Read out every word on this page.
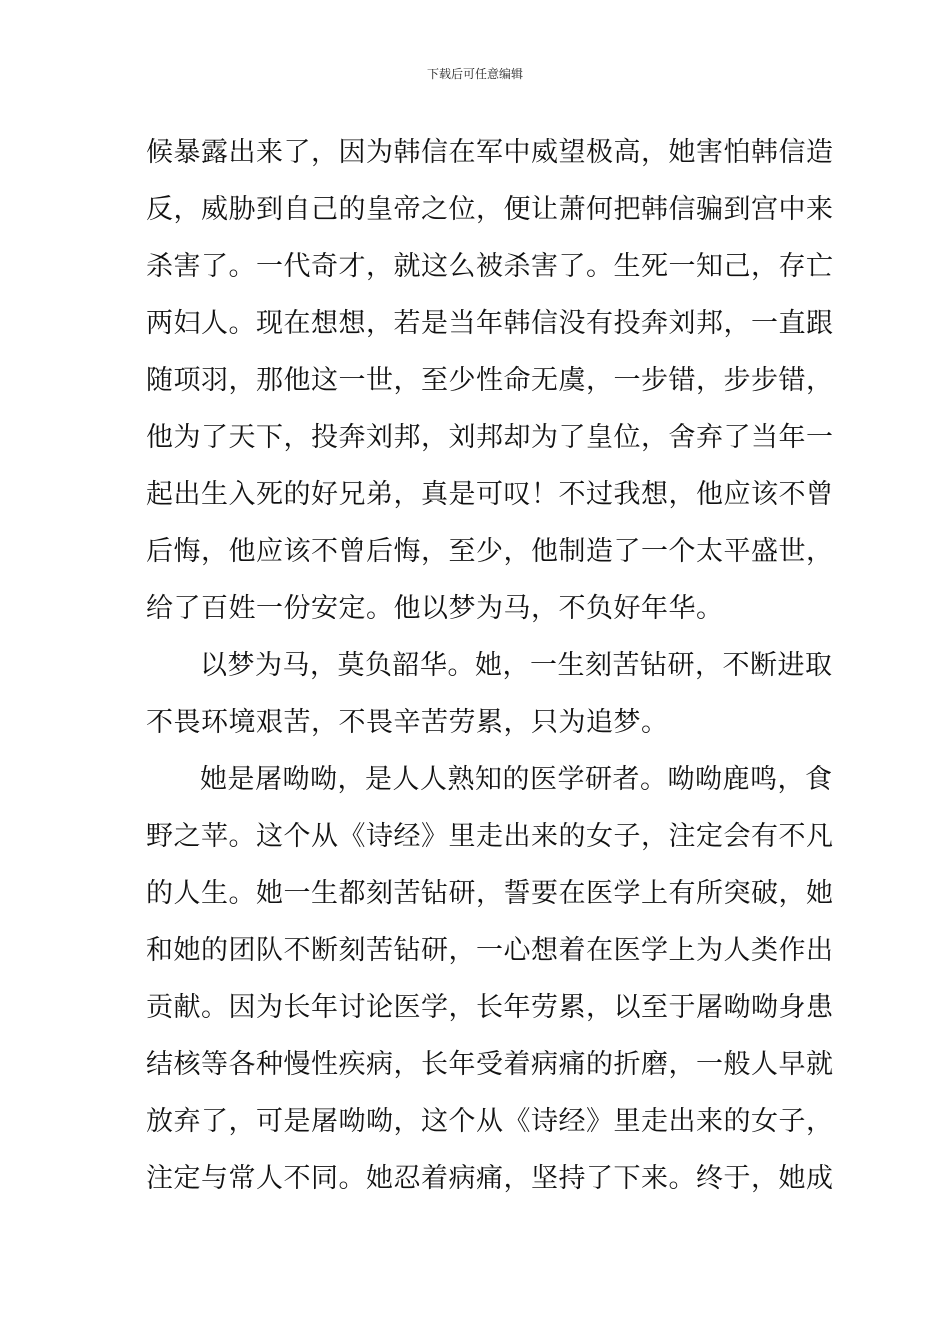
下载后可任意编辑
候暴露出来了，因为韩信在军中威望极高，她害怕韩信造
反，威胁到自己的皇帝之位，便让萧何把韩信骗到宫中来
杀害了。一代奇才，就这么被杀害了。生死一知己，存亡
两妇人。现在想想，若是当年韩信没有投奔刘邦，一直跟
随项羽，那他这一世，至少性命无虞，一步错，步步错，
他为了天下，投奔刘邦，刘邦却为了皇位，舍弃了当年一
起出生入死的好兄弟，真是可叹！不过我想，他应该不曾
后悔，他应该不曾后悔，至少，他制造了一个太平盛世，
给了百姓一份安定。他以梦为马，不负好年华。
以梦为马，莫负韶华。她，一生刻苦钻研，不断进取
不畏环境艰苦，不畏辛苦劳累，只为追梦。
她是屠呦呦，是人人熟知的医学研者。呦呦鹿鸣，食
野之苹。这个从《诗经》里走出来的女子，注定会有不凡
的人生。她一生都刻苦钻研，誓要在医学上有所突破，她
和她的团队不断刻苦钻研，一心想着在医学上为人类作出
贡献。因为长年讨论医学，长年劳累，以至于屠呦呦身患
结核等各种慢性疾病，长年受着病痛的折磨，一般人早就
放弃了，可是屠呦呦，这个从《诗经》里走出来的女子，
注定与常人不同。她忍着病痛，坚持了下来。终于，她成
